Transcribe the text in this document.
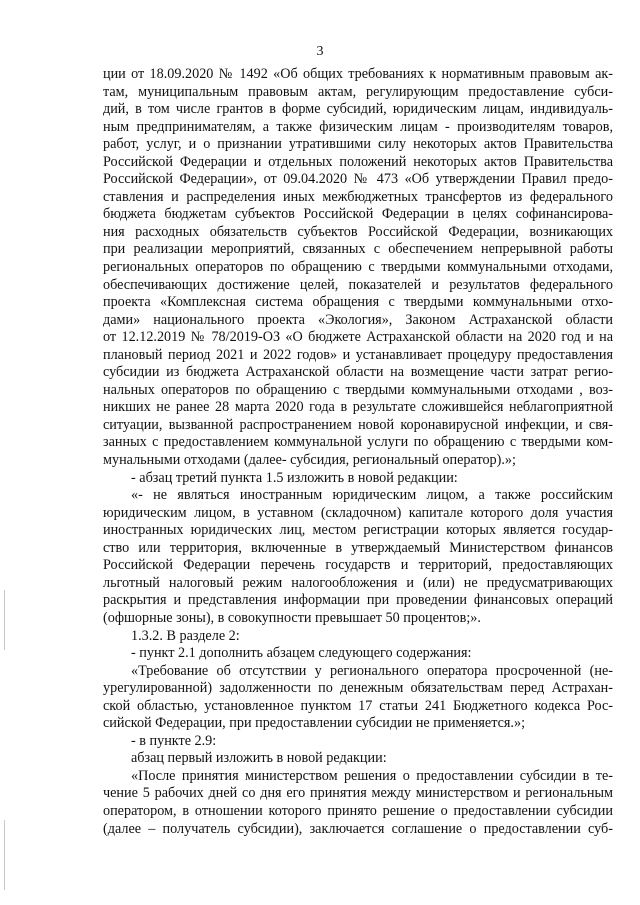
3
ции от 18.09.2020 № 1492 «Об общих требованиях к нормативным правовым ак-
там, муниципальным правовым актам, регулирующим предоставление субси-
дий, в том числе грантов в форме субсидий, юридическим лицам, индивидуаль-
ным предпринимателям, а также физическим лицам - производителям товаров,
работ, услуг, и о признании утратившими силу некоторых актов Правительства
Российской Федерации и отдельных положений некоторых актов Правительства
Российской Федерации», от 09.04.2020 № 473 «Об утверждении Правил предо-
ставления и распределения иных межбюджетных трансфертов из федерального
бюджета бюджетам субъектов Российской Федерации в целях софинансирова-
ния расходных обязательств субъектов Российской Федерации, возникающих
при реализации мероприятий, связанных с обеспечением непрерывной работы
региональных операторов по обращению с твердыми коммунальными отходами,
обеспечивающих достижение целей, показателей и результатов федерального
проекта «Комплексная система обращения с твердыми коммунальными отхо-
дами» национального проекта «Экология», Законом Астраханской области
от 12.12.2019 № 78/2019-ОЗ «О бюджете Астраханской области на 2020 год и на
плановый период 2021 и 2022 годов» и устанавливает процедуру предоставления
субсидии из бюджета Астраханской области на возмещение части затрат регио-
нальных операторов по обращению с твердыми коммунальными отходами , воз-
никших не ранее 28 марта 2020 года в результате сложившейся неблагоприятной
ситуации, вызванной распространением новой коронавирусной инфекции, и свя-
занных с предоставлением коммунальной услуги по обращению с твердыми ком-
мунальными отходами (далее- субсидия, региональный оператор).»;
- абзац третий пункта 1.5 изложить в новой редакции:
«- не являться иностранным юридическим лицом, а также российским
юридическим лицом, в уставном (складочном) капитале которого доля участия
иностранных юридических лиц, местом регистрации которых является государ-
ство или территория, включенные в утверждаемый Министерством финансов
Российской Федерации перечень государств и территорий, предоставляющих
льготный налоговый режим налогообложения и (или) не предусматривающих
раскрытия и представления информации при проведении финансовых операций
(офшорные зоны), в совокупности превышает 50 процентов;».
1.3.2. В разделе 2:
- пункт 2.1 дополнить абзацем следующего содержания:
«Требование об отсутствии у регионального оператора просроченной (не-
урегулированной) задолженности по денежным обязательствам перед Астрахан-
ской областью, установленное пунктом 17 статьи 241 Бюджетного кодекса Рос-
сийской Федерации, при предоставлении субсидии не применяется.»;
- в пункте 2.9:
абзац первый изложить в новой редакции:
«После принятия министерством решения о предоставлении субсидии в те-
чение 5 рабочих дней со дня его принятия между министерством и региональным
оператором, в отношении которого принято решение о предоставлении субсидии
(далее – получатель субсидии), заключается соглашение о предоставлении суб-
